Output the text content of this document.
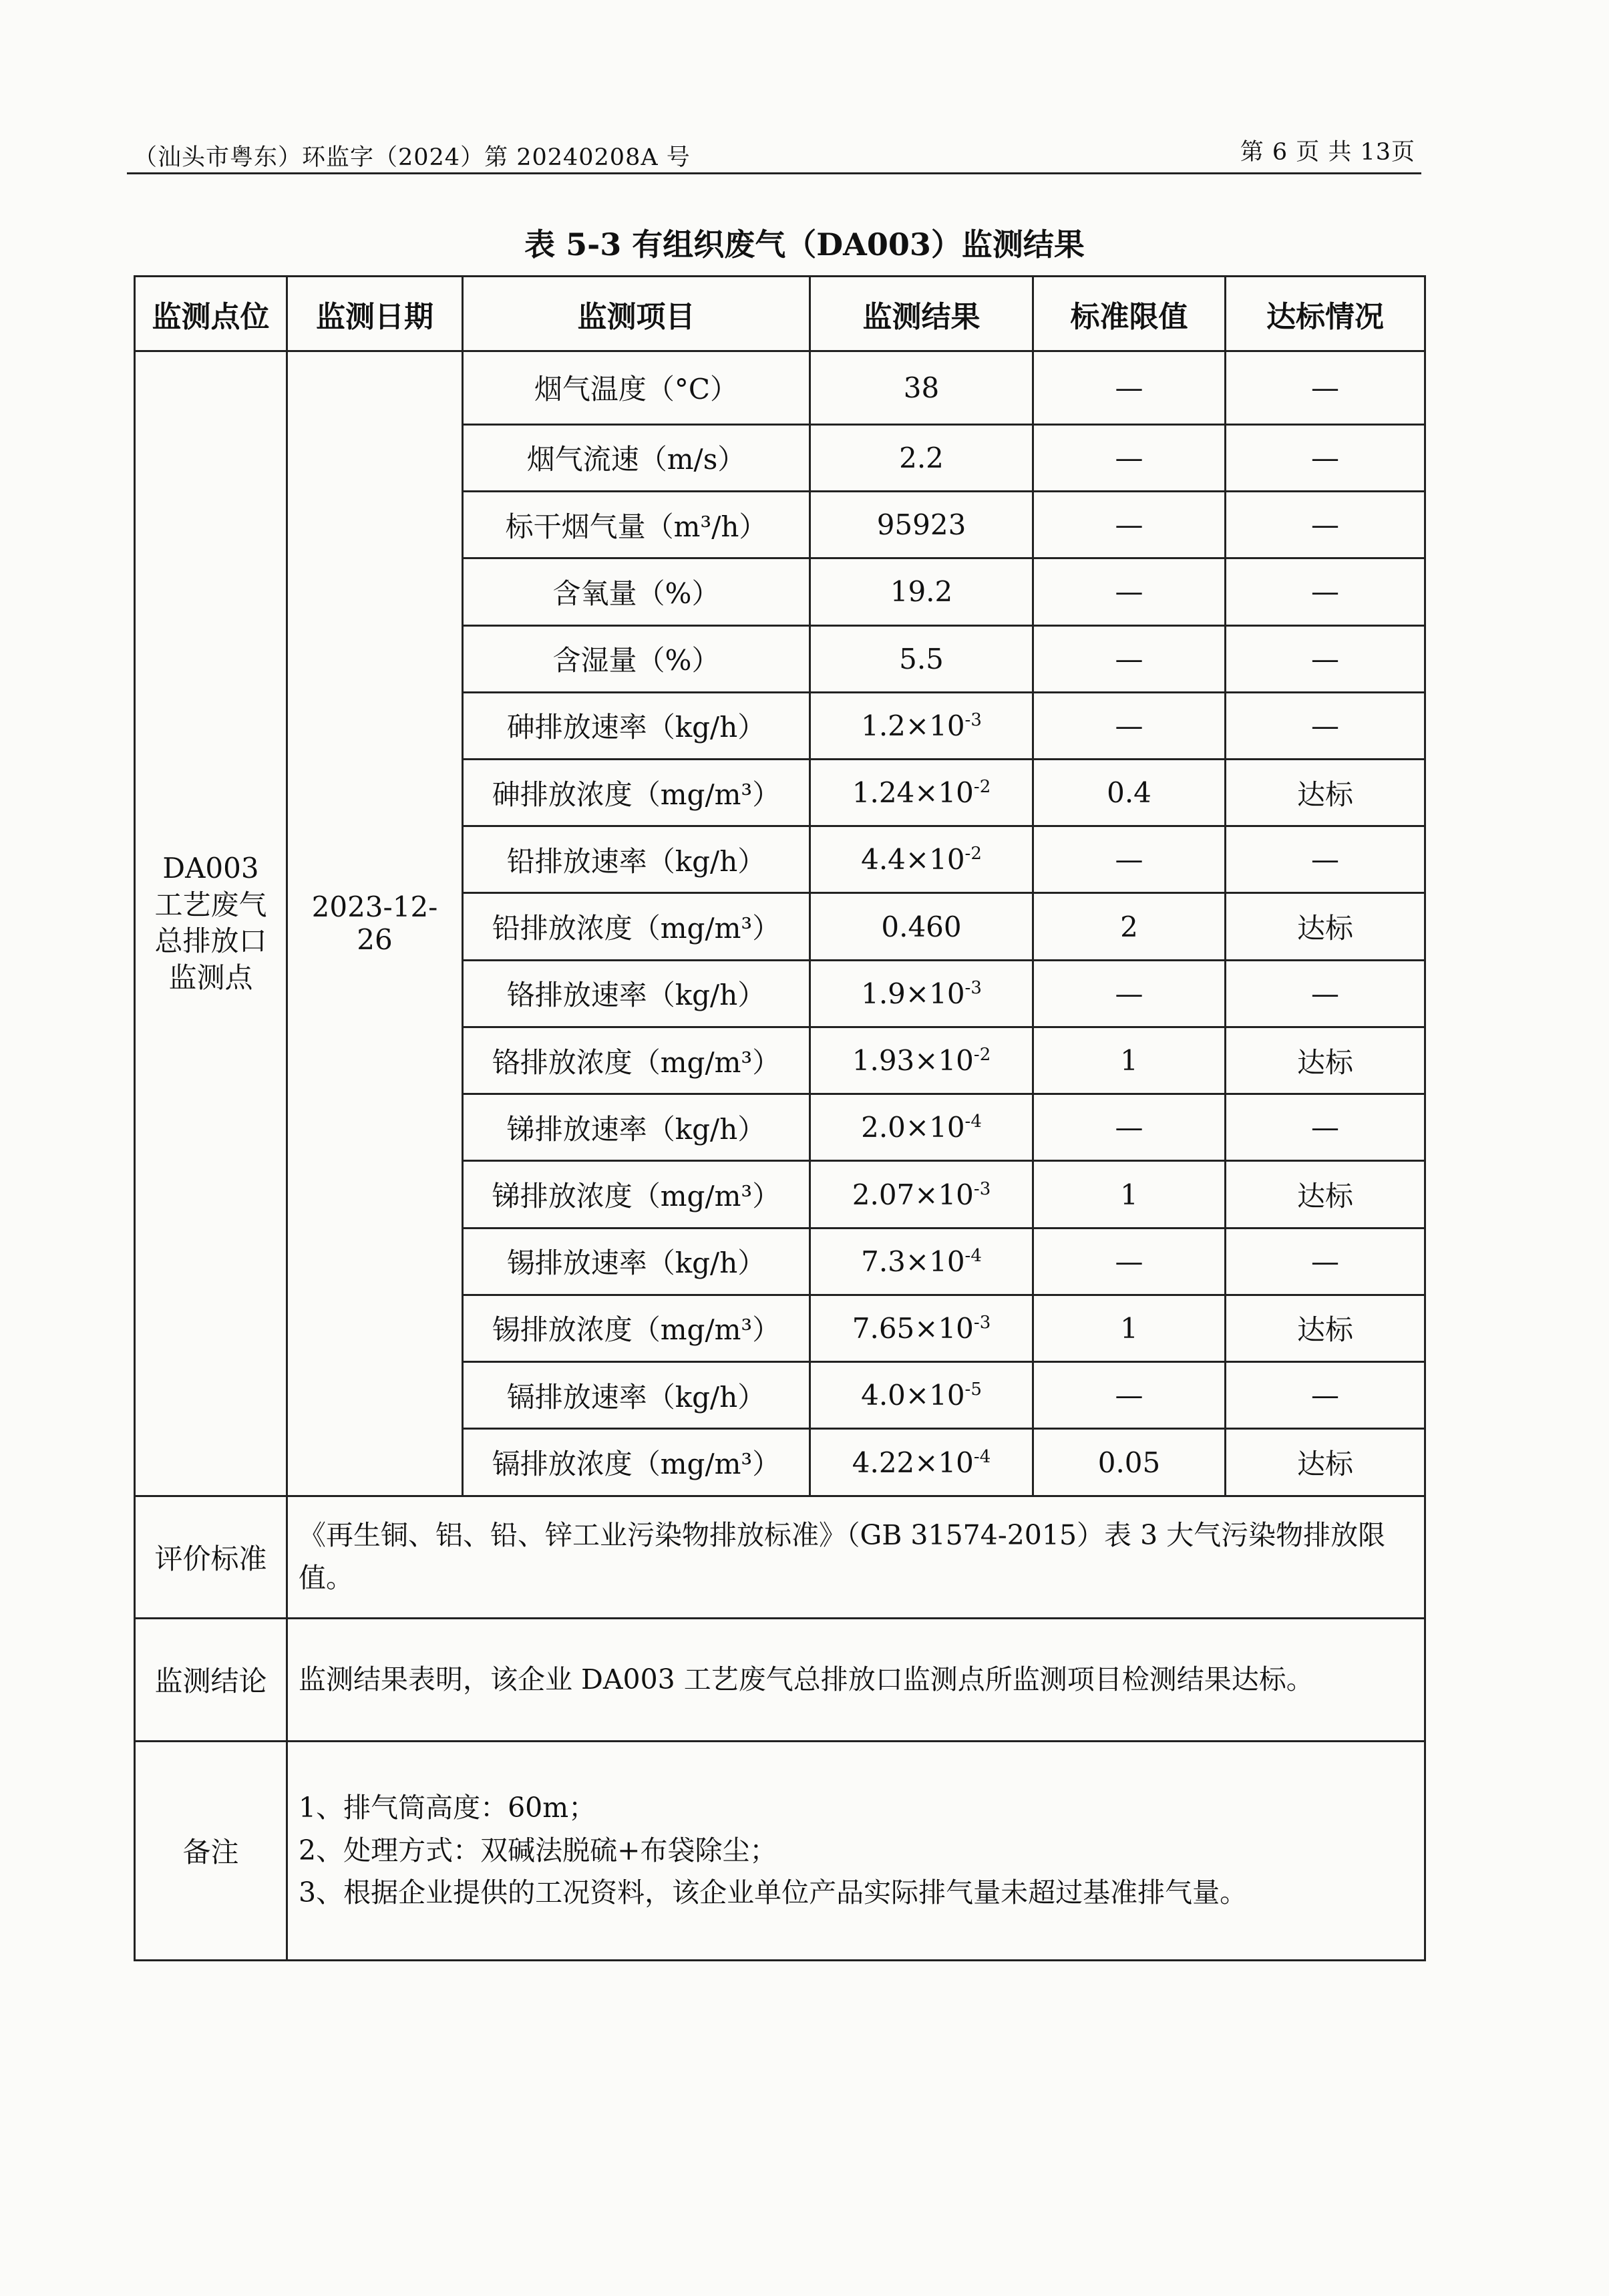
（汕头市粤东）环监字（2024）第 20240208A 号	第 6 页 共 13页
表 5-3 有组织废气（DA003）监测结果
监测点位	监测日期	监测项目	监测结果	标准限值	达标情况

DA003
工艺废气
总排放口
监测点	2023-12-26	烟气温度（°C）	38	—	—
		烟气流速（m/s）	2.2	—	—
		标干烟气量（m³/h）	95923	—	—
		含氧量（%）	19.2	—	—
		含湿量（%）	5.5	—	—
		砷排放速率（kg/h）	$1.2\times 10^{-3}$	—	—
		砷排放浓度（mg/m³）	$1.24\times 10^{-2}$	0.4	达标
		铅排放速率（kg/h）	$4.4\times 10^{-2}$	—	—
		铅排放浓度（mg/m³）	0.460	2	达标
		铬排放速率（kg/h）	$1.9\times 10^{-3}$	—	—
		铬排放浓度（mg/m³）	$1.93\times 10^{-2}$	1	达标
		锑排放速率（kg/h）	$2.0\times 10^{-4}$	—	—
		锑排放浓度（mg/m³）	$2.07\times 10^{-3}$	1	达标
		锡排放速率（kg/h）	$7.3\times 10^{-4}$	—	—
		锡排放浓度（mg/m³）	$7.65\times 10^{-3}$	1	达标
		镉排放速率（kg/h）	$4.0\times 10^{-5}$	—	—
		镉排放浓度（mg/m³）	$4.22\times 10^{-4}$	0.05	达标
评价标准	《再生铜、铝、铅、锌工业污染物排放标准》（GB 31574-2015）表 3 大气污染物排放限值。				
监测结论	监测结果表明，该企业 DA003 工艺废气总排放口监测点所监测项目检测结果达标。				
备注	1、排气筒高度：60m；
2、处理方式：双碱法脱硫+布袋除尘；
3、根据企业提供的工况资料，该企业单位产品实际排气量未超过基准排气量。				
